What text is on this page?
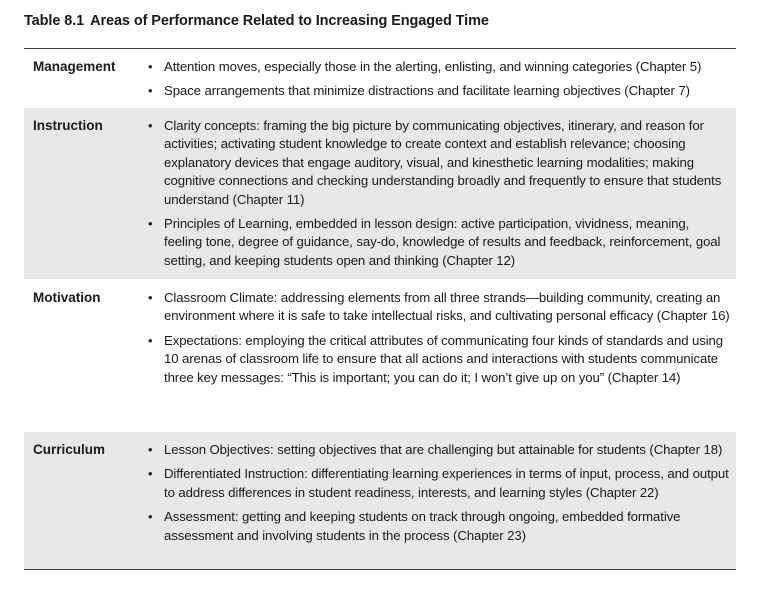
Table 8.1 Areas of Performance Related to Increasing Engaged Time
Management	• Attention moves, especially those in the alerting, enlisting, and winning categories (Chapter 5)
• Space arrangements that minimize distractions and facilitate learning objectives (Chapter 7)
Instruction	• Clarity concepts: framing the big picture by communicating objectives, itinerary, and reason for activities; activating student knowledge to create context and establish relevance; choosing explanatory devices that engage auditory, visual, and kinesthetic learning modalities; making cognitive connections and checking understanding broadly and frequently to ensure that students understand (Chapter 11)
• Principles of Learning, embedded in lesson design: active participation, vividness, meaning, feeling tone, degree of guidance, say-do, knowledge of results and feedback, reinforcement, goal setting, and keeping students open and thinking (Chapter 12)
Motivation	• Classroom Climate: addressing elements from all three strands—building community, creating an environment where it is safe to take intellectual risks, and cultivating personal efficacy (Chapter 16)
• Expectations: employing the critical attributes of communicating four kinds of standards and using 10 arenas of classroom life to ensure that all actions and interactions with students communicate three key messages: “This is important; you can do it; I won’t give up on you” (Chapter 14)
Curriculum	• Lesson Objectives: setting objectives that are challenging but attainable for students (Chapter 18)
• Differentiated Instruction: differentiating learning experiences in terms of input, process, and output to address differences in student readiness, interests, and learning styles (Chapter 22)
• Assessment: getting and keeping students on track through ongoing, embedded formative assessment and involving students in the process (Chapter 23)
